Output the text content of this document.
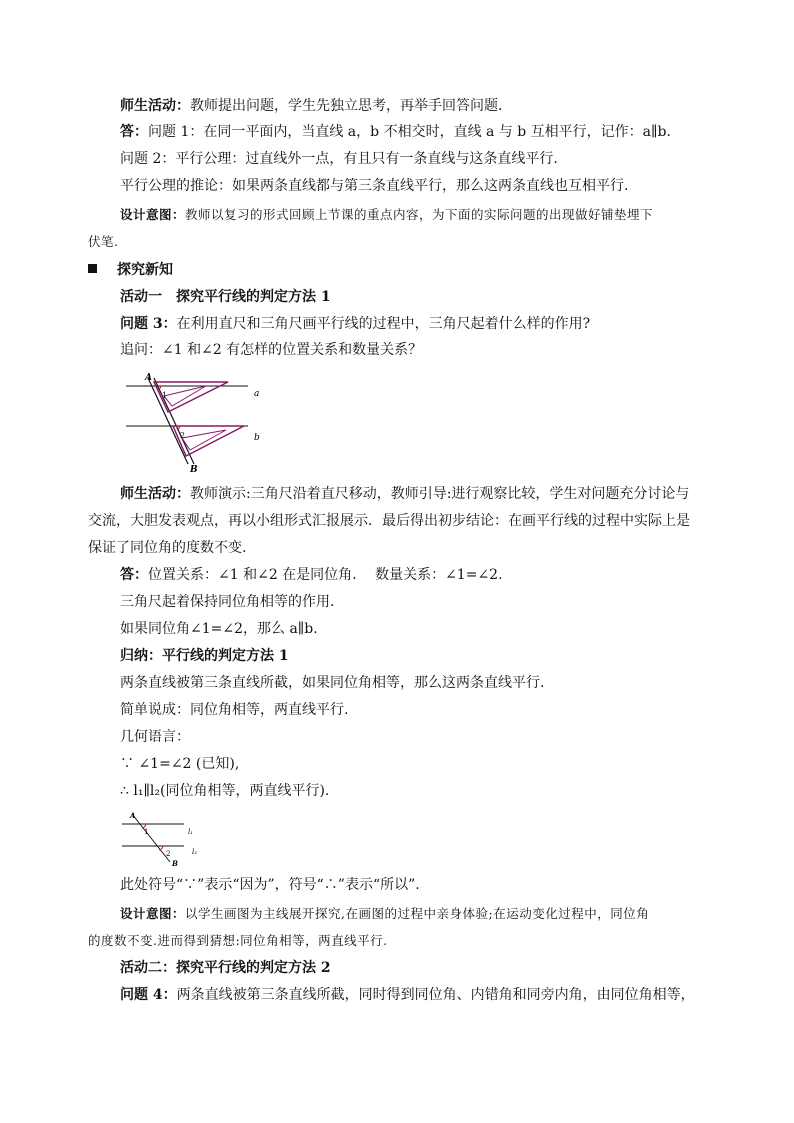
师生活动：教师提出问题，学生先独立思考，再举手回答问题．
答：问题 1：在同一平面内，当直线 a，b 不相交时，直线 a 与 b 互相平行，记作：a∥b.
问题 2：平行公理：过直线外一点，有且只有一条直线与这条直线平行.
平行公理的推论：如果两条直线都与第三条直线平行，那么这两条直线也互相平行.
设计意图：教师以复习的形式回顾上节课的重点内容，为下面的实际问题的出现做好铺垫埋下
伏笔.
探究新知
活动一　探究平行线的判定方法 1
问题 3：在利用直尺和三角尺画平行线的过程中，三角尺起着什么样的作用?
追问：∠1 和∠2 有怎样的位置关系和数量关系？
A
B
a
b
1
2
师生活动：教师演示:三角尺沿着直尺移动，教师引导:进行观察比较，学生对问题充分讨论与
交流，大胆发表观点，再以小组形式汇报展示．最后得出初步结论：在画平行线的过程中实际上是
保证了同位角的度数不变.
答：位置关系：∠1 和∠2 在是同位角.　 数量关系：∠1=∠2.
三角尺起着保持同位角相等的作用.
如果同位角∠1=∠2，那么 a∥b.
归纳：平行线的判定方法 1
两条直线被第三条直线所截，如果同位角相等，那么这两条直线平行.
简单说成：同位角相等，两直线平行.
几何语言：
∵ ∠1=∠2 (已知),
∴ l₁∥l₂(同位角相等，两直线平行).
A
B
l₁
l₂
1
2
此处符号“∵”表示“因为”，符号“∴”表示“所以”.
设计意图：以学生画图为主线展开探究,在画图的过程中亲身体验;在运动变化过程中，同位角
的度数不变.进而得到猜想:同位角相等，两直线平行.
活动二：探究平行线的判定方法 2
问题 4：两条直线被第三条直线所截，同时得到同位角、内错角和同旁内角，由同位角相等，
